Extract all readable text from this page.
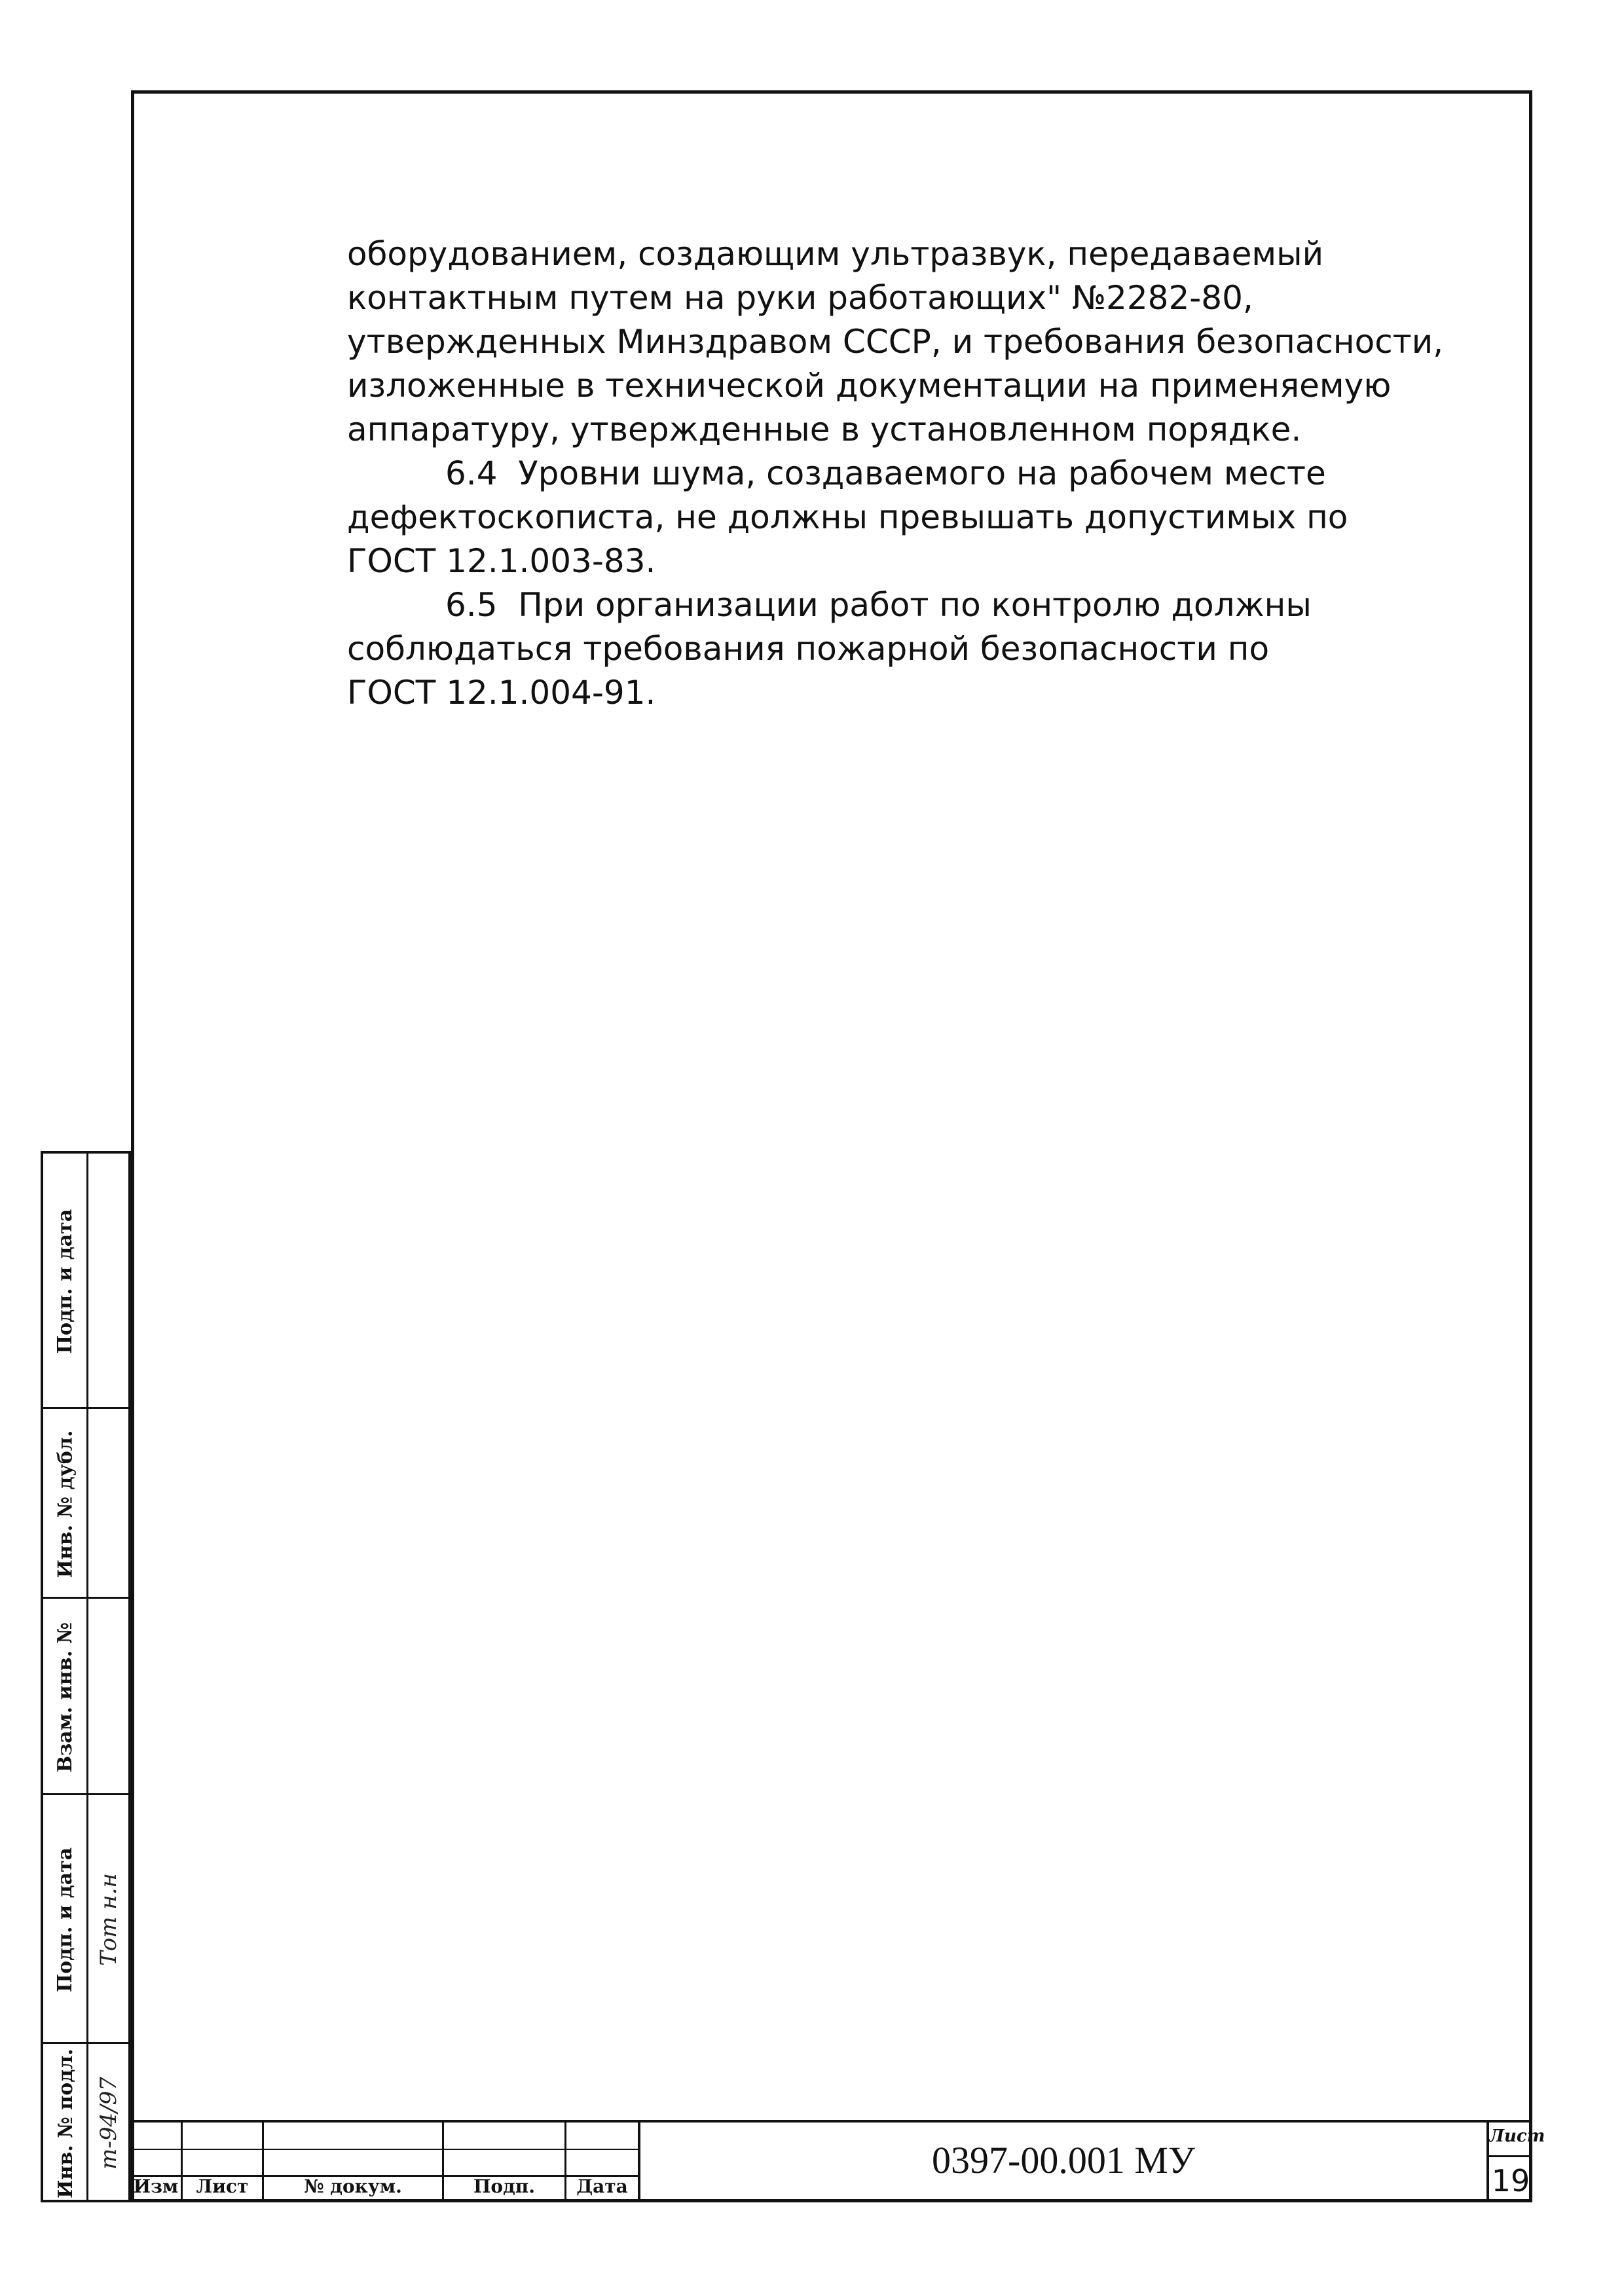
оборудованием, создающим ультразвук, передаваемый

контактным путем на руки работающих" №2282-80,

утвержденных Минздравом СССР, и требования безопасности,

изложенные в технической документации на применяемую

аппаратуру, утвержденные в установленном порядке.

6.4  Уровни шума, создаваемого на рабочем месте

дефектоскописта, не должны превышать допустимых по

ГОСТ 12.1.003-83.

6.5  При организации работ по контролю должны

соблюдаться требования пожарной безопасности по

ГОСТ 12.1.004-91.

Подп. и дата
Инв. № дубл.
Взам. инв. №
Подп. и дата Тот н.н
Инв. № подл. т-94/97
Изм Лист	№ докум.	Подп.	Дата
0397-00.001 МУ
Лист
19
